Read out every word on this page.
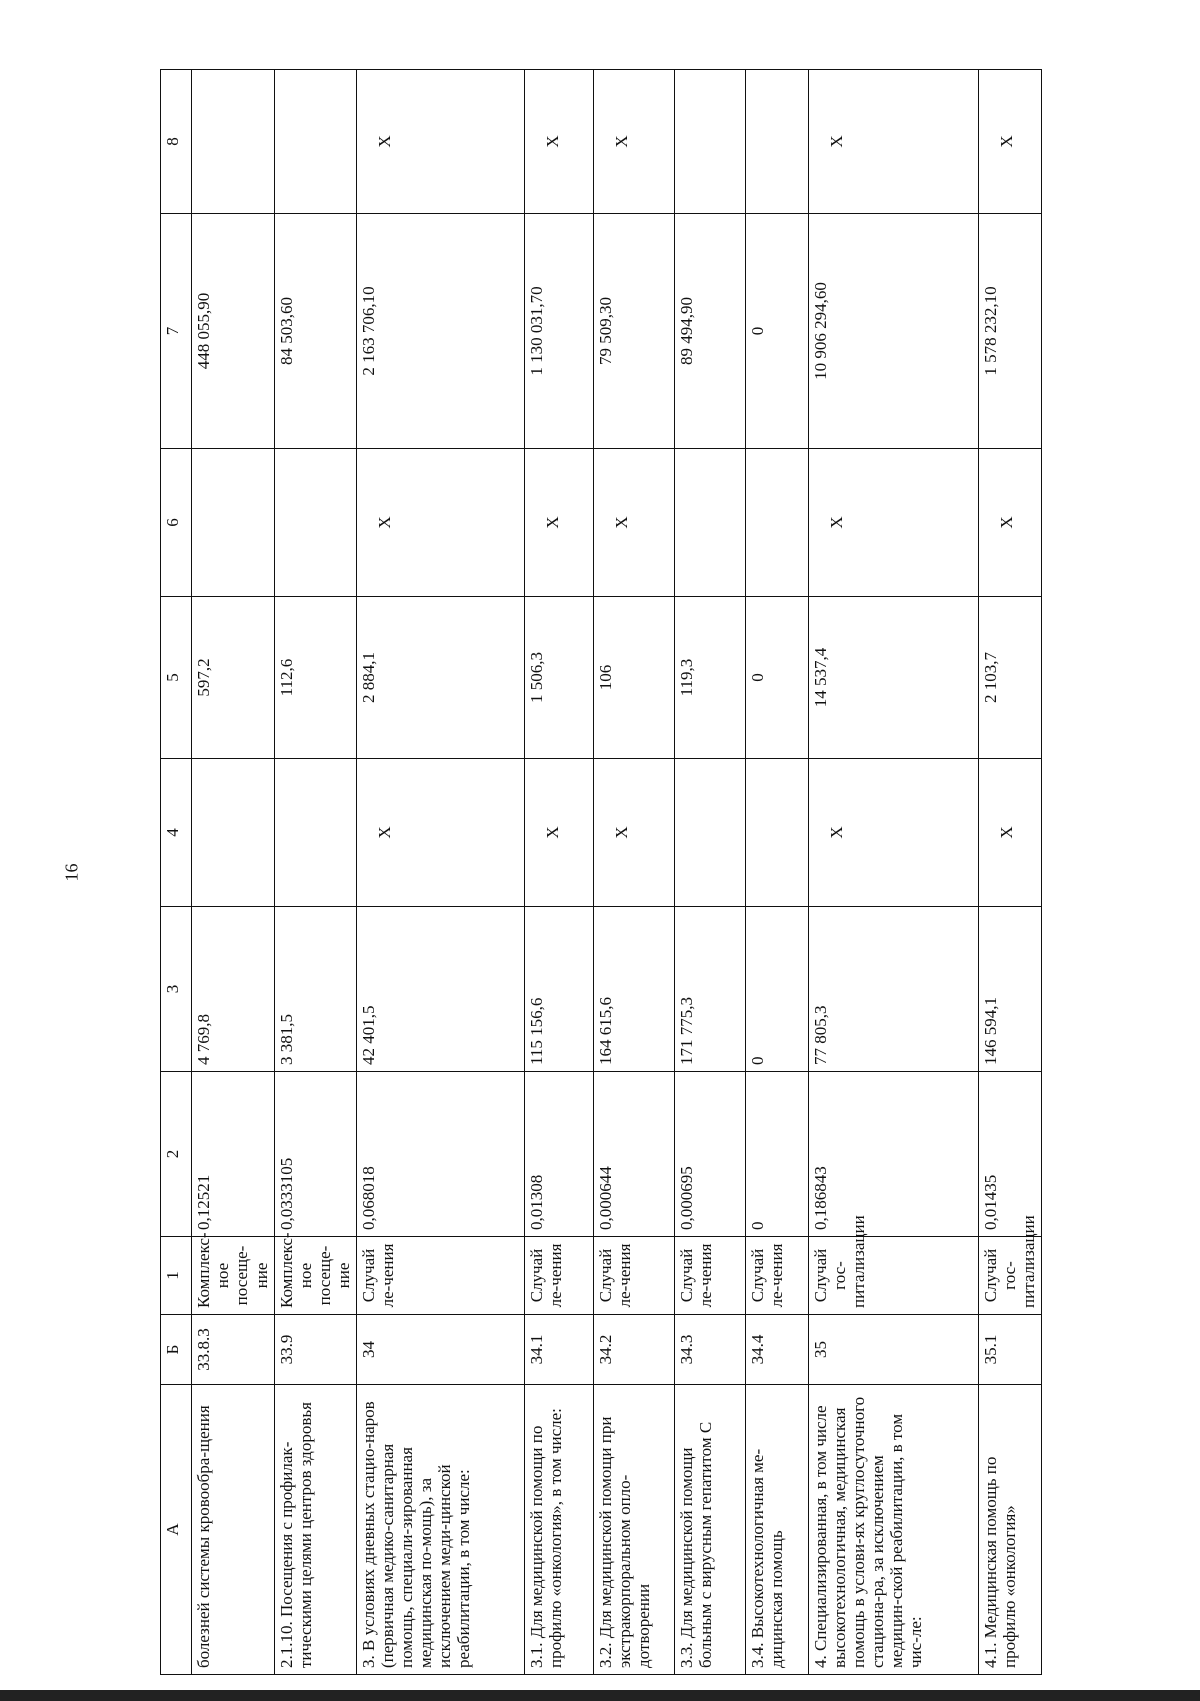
16
А	Б	1	2	3	4	5	6	7	8
болезней системы кровообра-щения	33.8.3	Комплекс-ное посеще-ние	0,12521	4 769,8		597,2		448 055,90	
2.1.10. Посещения с профилак-тическими целями центров здоровья	33.9	Комплекс-ное посеще-ние	0,0333105	3 381,5		112,6		84 503,60	
3. В условиях дневных стацио-наров (первичная медико-санитарная помощь, специали-зированная медицинская по-мощь), за исключением меди-цинской реабилитации, в том числе:	34	Случай ле-чения	0,068018	42 401,5	Х	2 884,1	Х	2 163 706,10	Х
3.1. Для медицинской помощи по профилю «онкология», в том числе:	34.1	Случай ле-чения	0,01308	115 156,6	Х	1 506,3	Х	1 130 031,70	Х
3.2. Для медицинской помощи при экстракорпоральном опло-дотворении	34.2	Случай ле-чения	0,000644	164 615,6	Х	106	Х	79 509,30	Х
3.3. Для медицинской помощи больным с вирусным гепатитом С	34.3	Случай ле-чения	0,000695	171 775,3		119,3		89 494,90	
3.4. Высокотехнологичная ме-дицинская помощь	34.4	Случай ле-чения	0	0		0		0	
4. Специализированная, в том числе высокотехнологичная, медицинская помощь в услови-ях круглосуточного стациона-ра, за исключением медицин-ской реабилитации, в том чис-ле:	35	Случай гос-питализации	0,186843	77 805,3	Х	14 537,4	Х	10 906 294,60	Х
4.1. Медицинская помощь по профилю «онкология»	35.1	Случай гос-питализации	0,01435	146 594,1	Х	2 103,7	Х	1 578 232,10	Х
